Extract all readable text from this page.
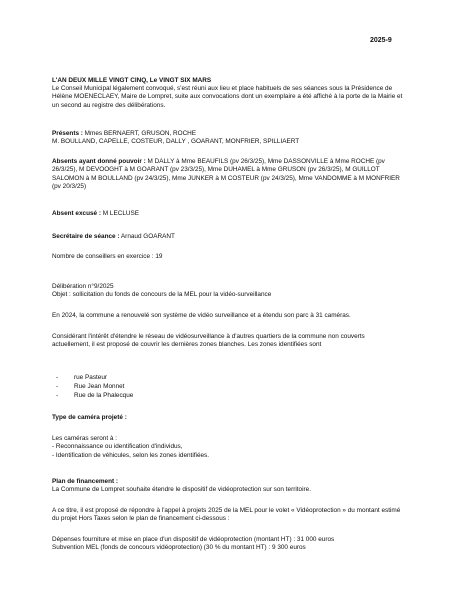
2025-9

L'AN DEUX MILLE VINGT CINQ, Le VINGT SIX MARS

Le Conseil Municipal légalement convoqué, s'est réuni aux lieu et place habituels de ses séances sous la Présidence de Hélène MOENECLAEY, Maire de Lompret, suite aux convocations dont un exemplaire a été affiché à la porte de la Mairie et un second au registre des délibérations.

Présents : Mmes BERNAERT, GRUSON, ROCHE

M. BOULLAND, CAPELLE, COSTEUR, DALLY , GOARANT, MONFRIER, SPILLIAERT

Absents ayant donné pouvoir : M DALLY à Mme BEAUFILS (pv 26/3/25), Mme DASSONVILLE à Mme ROCHE (pv 26/3/25), M DEVOOGHT à M GOARANT (pv 23/3/25), Mme DUHAMEL à Mme GRUSON (pv 26/3/25), M GUILLOT SALOMON à M BOULLAND (pv 24/3/25), Mme JUNKER à M COSTEUR (pv 24/3/25), Mme VANDOMME à M MONFRIER (pv 20/3/25)

Absent excusé : M LECLUSE

Secrétaire de séance : Arnaud GOARANT

Nombre de conseillers en exercice : 19

Délibération n°9/2025

Objet : sollicitation du fonds de concours de la MEL pour la vidéo-surveillance

En 2024, la commune a renouvelé son système de vidéo surveillance et a étendu son parc à 31 caméras.

Considérant l'intérêt d'étendre le réseau de vidéosurveillance à d'autres quartiers de la commune non couverts actuellement, il est proposé de couvrir les dernières zones blanches. Les zones identifiées sont

- rue Pasteur
- Rue Jean Monnet
- Rue de la Phalecque

Type de caméra projeté :

Les caméras seront à :

- Reconnaissance ou identification d'individus,

- Identification de véhicules, selon les zones identifiées.

Plan de financement :

La Commune de Lompret souhaite étendre le dispositif de vidéoprotection sur son territoire.

A ce titre, il est proposé de répondre à l'appel à projets 2025 de la MEL pour le volet « Vidéoprotection » du montant estimé du projet Hors Taxes selon le plan de financement ci-dessous :

Dépenses fourniture et mise en place d'un dispositif de vidéoprotection (montant HT) : 31 000 euros

Subvention MEL (fonds de concours vidéoprotection) (30 % du montant HT) : 9 300 euros
